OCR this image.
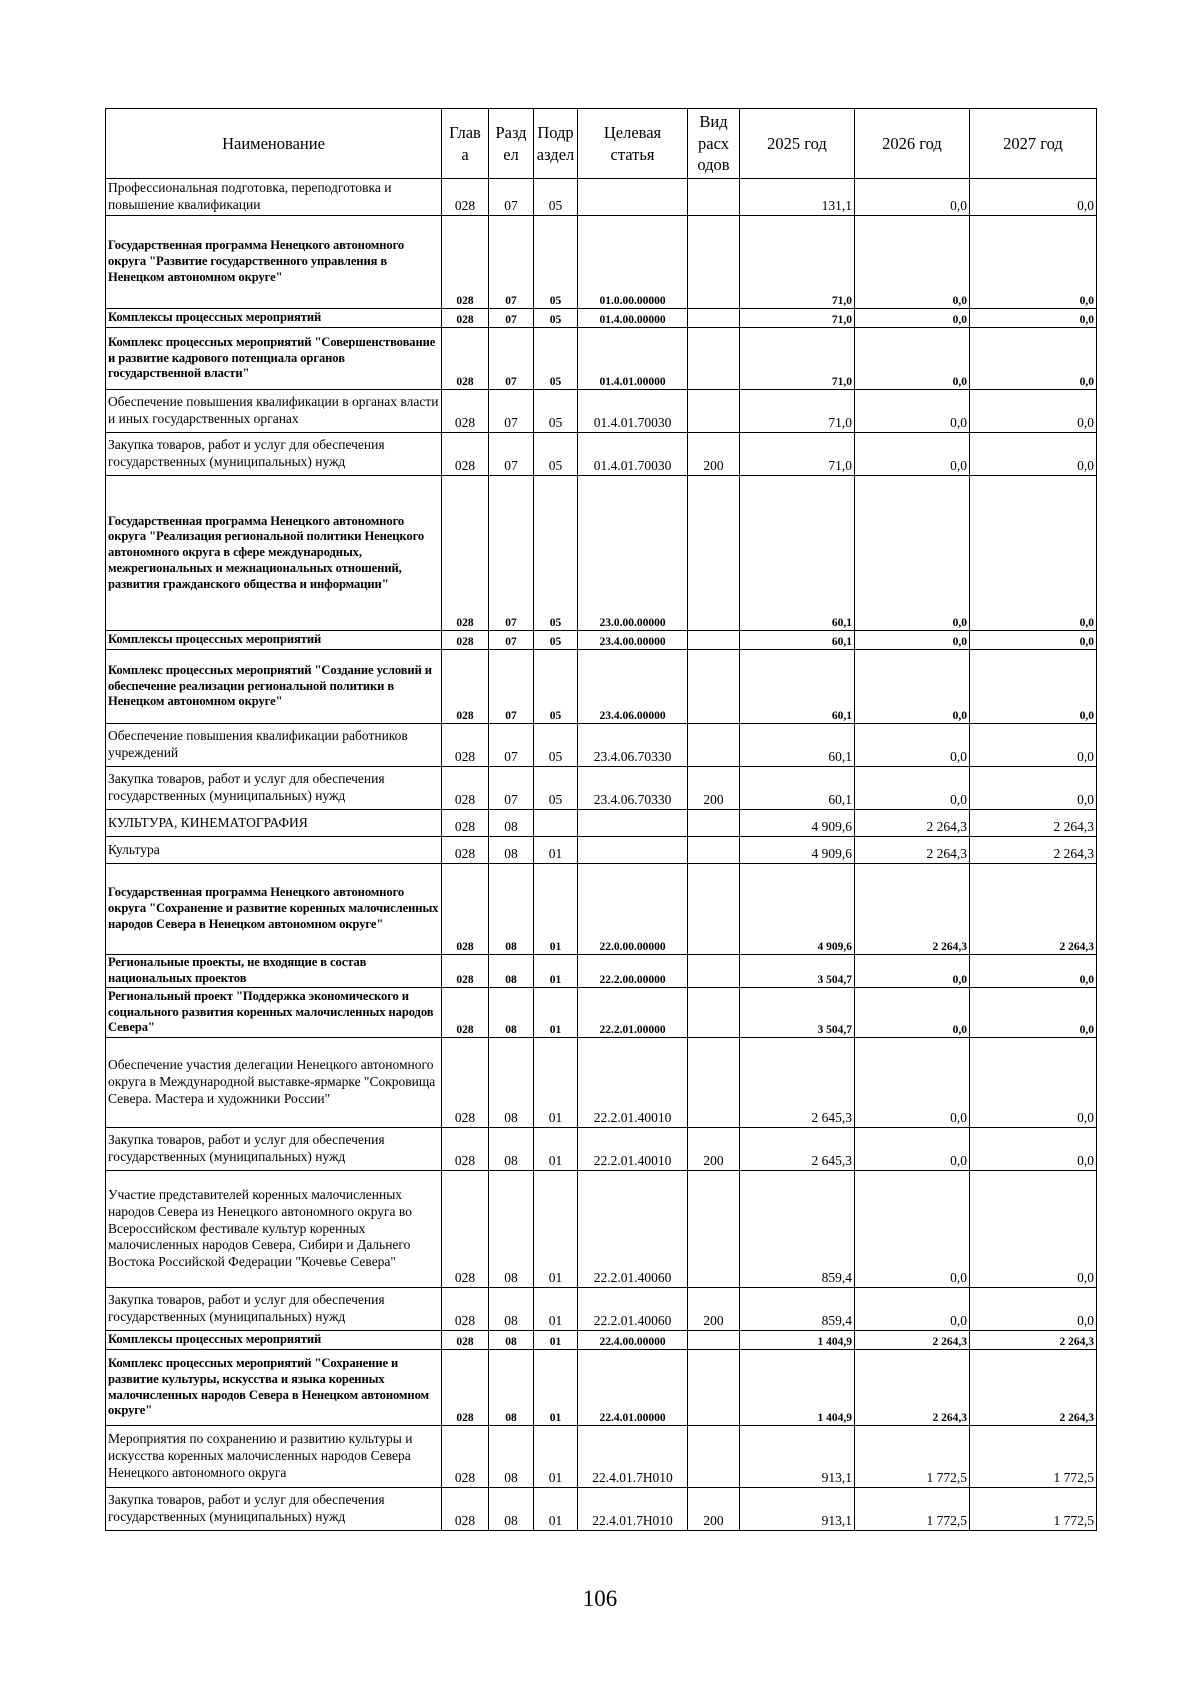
Наименование	Глав а	Разд ел	Подр аздел	Целевая статья	Вид расх одов	2025 год	2026 год	2027 год
Профессиональная подготовка, переподготовка и повышение квалификации	028	07	05			131,1	0,0	0,0
Государственная программа Ненецкого автономного округа "Развитие государственного управления в Ненецком автономном округе"	028	07	05	01.0.00.00000		71,0	0,0	0,0
Комплексы процессных мероприятий	028	07	05	01.4.00.00000		71,0	0,0	0,0
Комплекс процессных мероприятий "Совершенствование и развитие кадрового потенциала органов государственной власти"	028	07	05	01.4.01.00000		71,0	0,0	0,0
Обеспечение повышения квалификации в органах власти и иных государственных органах	028	07	05	01.4.01.70030		71,0	0,0	0,0
Закупка товаров, работ и услуг для обеспечения государственных (муниципальных) нужд	028	07	05	01.4.01.70030	200	71,0	0,0	0,0
Государственная программа Ненецкого автономного округа "Реализация региональной политики Ненецкого автономного округа в сфере международных, межрегиональных и межнациональных отношений, развития гражданского общества и информации"	028	07	05	23.0.00.00000		60,1	0,0	0,0
Комплексы процессных мероприятий	028	07	05	23.4.00.00000		60,1	0,0	0,0
Комплекс процессных мероприятий "Создание условий и обеспечение реализации региональной политики в Ненецком автономном округе"	028	07	05	23.4.06.00000		60,1	0,0	0,0
Обеспечение повышения квалификации работников учреждений	028	07	05	23.4.06.70330		60,1	0,0	0,0
Закупка товаров, работ и услуг для обеспечения государственных (муниципальных) нужд	028	07	05	23.4.06.70330	200	60,1	0,0	0,0
КУЛЬТУРА, КИНЕМАТОГРАФИЯ	028	08				4 909,6	2 264,3	2 264,3
Культура	028	08	01			4 909,6	2 264,3	2 264,3
Государственная программа Ненецкого автономного округа "Сохранение и развитие коренных малочисленных народов Севера в Ненецком автономном округе"	028	08	01	22.0.00.00000		4 909,6	2 264,3	2 264,3
Региональные проекты, не входящие в состав национальных проектов	028	08	01	22.2.00.00000		3 504,7	0,0	0,0
Региональный проект "Поддержка экономического и социального развития коренных малочисленных народов Севера"	028	08	01	22.2.01.00000		3 504,7	0,0	0,0
Обеспечение участия делегации Ненецкого автономного округа в Международной выставке-ярмарке "Сокровища Севера. Мастера и художники России"	028	08	01	22.2.01.40010		2 645,3	0,0	0,0
Закупка товаров, работ и услуг для обеспечения государственных (муниципальных) нужд	028	08	01	22.2.01.40010	200	2 645,3	0,0	0,0
Участие представителей коренных малочисленных народов Севера из Ненецкого автономного округа во Всероссийском фестивале культур коренных малочисленных народов Севера, Сибири и Дальнего Востока Российской Федерации "Кочевье Севера"	028	08	01	22.2.01.40060		859,4	0,0	0,0
Закупка товаров, работ и услуг для обеспечения государственных (муниципальных) нужд	028	08	01	22.2.01.40060	200	859,4	0,0	0,0
Комплексы процессных мероприятий	028	08	01	22.4.00.00000		1 404,9	2 264,3	2 264,3
Комплекс процессных мероприятий "Сохранение и развитие культуры, искусства и языка коренных малочисленных народов Севера в Ненецком автономном округе"	028	08	01	22.4.01.00000		1 404,9	2 264,3	2 264,3
Мероприятия по сохранению и развитию культуры и искусства коренных малочисленных народов Севера Ненецкого автономного округа	028	08	01	22.4.01.7Н010		913,1	1 772,5	1 772,5
Закупка товаров, работ и услуг для обеспечения государственных (муниципальных) нужд	028	08	01	22.4.01.7Н010	200	913,1	1 772,5	1 772,5
106
